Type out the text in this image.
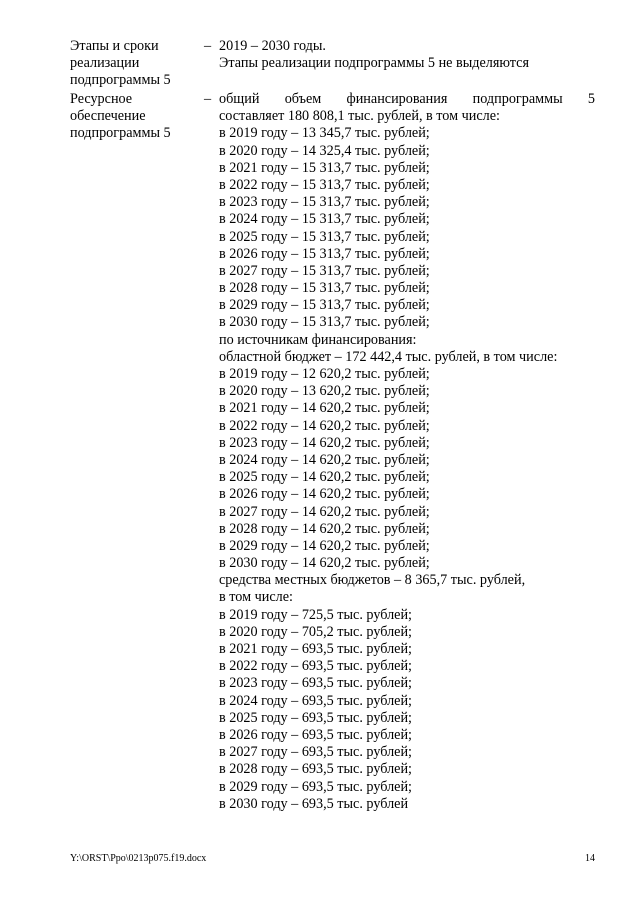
Этапы и сроки
реализации
подпрограммы 5
– 2019 – 2030 годы.
Этапы реализации подпрограммы 5 не выделяются
Ресурсное
обеспечение
подпрограммы 5
– общий объем финансирования подпрограммы 5
составляет 180 808,1 тыс. рублей, в том числе:
в 2019 году – 13 345,7 тыс. рублей;
в 2020 году – 14 325,4 тыс. рублей;
в 2021 году – 15 313,7 тыс. рублей;
в 2022 году – 15 313,7 тыс. рублей;
в 2023 году – 15 313,7 тыс. рублей;
в 2024 году – 15 313,7 тыс. рублей;
в 2025 году – 15 313,7 тыс. рублей;
в 2026 году – 15 313,7 тыс. рублей;
в 2027 году – 15 313,7 тыс. рублей;
в 2028 году – 15 313,7 тыс. рублей;
в 2029 году – 15 313,7 тыс. рублей;
в 2030 году – 15 313,7 тыс. рублей;
по источникам финансирования:
областной бюджет – 172 442,4 тыс. рублей, в том числе:
в 2019 году – 12 620,2 тыс. рублей;
в 2020 году – 13 620,2 тыс. рублей;
в 2021 году – 14 620,2 тыс. рублей;
в 2022 году – 14 620,2 тыс. рублей;
в 2023 году – 14 620,2 тыс. рублей;
в 2024 году – 14 620,2 тыс. рублей;
в 2025 году – 14 620,2 тыс. рублей;
в 2026 году – 14 620,2 тыс. рублей;
в 2027 году – 14 620,2 тыс. рублей;
в 2028 году – 14 620,2 тыс. рублей;
в 2029 году – 14 620,2 тыс. рублей;
в 2030 году – 14 620,2 тыс. рублей;
средства местных бюджетов – 8 365,7 тыс. рублей,
в том числе:
в 2019 году – 725,5 тыс. рублей;
в 2020 году – 705,2 тыс. рублей;
в 2021 году – 693,5 тыс. рублей;
в 2022 году – 693,5 тыс. рублей;
в 2023 году – 693,5 тыс. рублей;
в 2024 году – 693,5 тыс. рублей;
в 2025 году – 693,5 тыс. рублей;
в 2026 году – 693,5 тыс. рублей;
в 2027 году – 693,5 тыс. рублей;
в 2028 году – 693,5 тыс. рублей;
в 2029 году – 693,5 тыс. рублей;
в 2030 году – 693,5 тыс. рублей
Y:\ORST\Ppo\0213p075.f19.docx	14
